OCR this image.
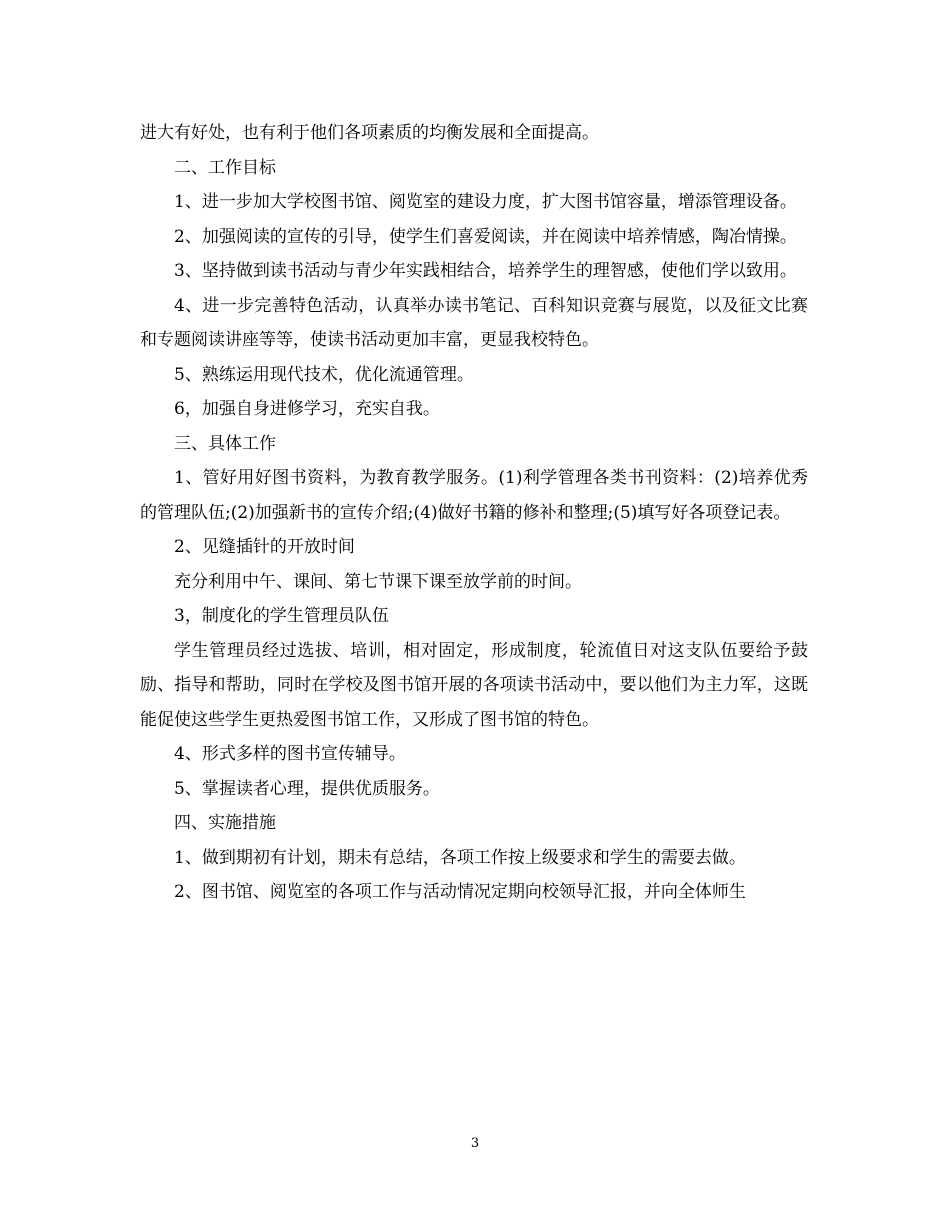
进大有好处，也有利于他们各项素质的均衡发展和全面提高。

二、工作目标

1、进一步加大学校图书馆、阅览室的建设力度，扩大图书馆容量，增添管理设备。

2、加强阅读的宣传的引导，使学生们喜爱阅读，并在阅读中培养情感，陶冶情操。

3、坚持做到读书活动与青少年实践相结合，培养学生的理智感，使他们学以致用。

4、进一步完善特色活动，认真举办读书笔记、百科知识竞赛与展览，以及征文比赛和专题阅读讲座等等，使读书活动更加丰富，更显我校特色。

5、熟练运用现代技术，优化流通管理。

6，加强自身进修学习，充实自我。

三、具体工作

1、管好用好图书资料，为教育教学服务。(1)利学管理各类书刊资料：(2)培养优秀的管理队伍;(2)加强新书的宣传介绍;(4)做好书籍的修补和整理;(5)填写好各项登记表。

2、见缝插针的开放时间

充分利用中午、课间、第七节课下课至放学前的时间。

3，制度化的学生管理员队伍

学生管理员经过选拔、培训，相对固定，形成制度，轮流值日对这支队伍要给予鼓励、指导和帮助，同时在学校及图书馆开展的各项读书活动中，要以他们为主力军，这既能促使这些学生更热爱图书馆工作，又形成了图书馆的特色。

4、形式多样的图书宣传辅导。

5、掌握读者心理，提供优质服务。

四、实施措施

1、做到期初有计划，期未有总结，各项工作按上级要求和学生的需要去做。

2、图书馆、阅览室的各项工作与活动情况定期向校领导汇报，并向全体师生

3
